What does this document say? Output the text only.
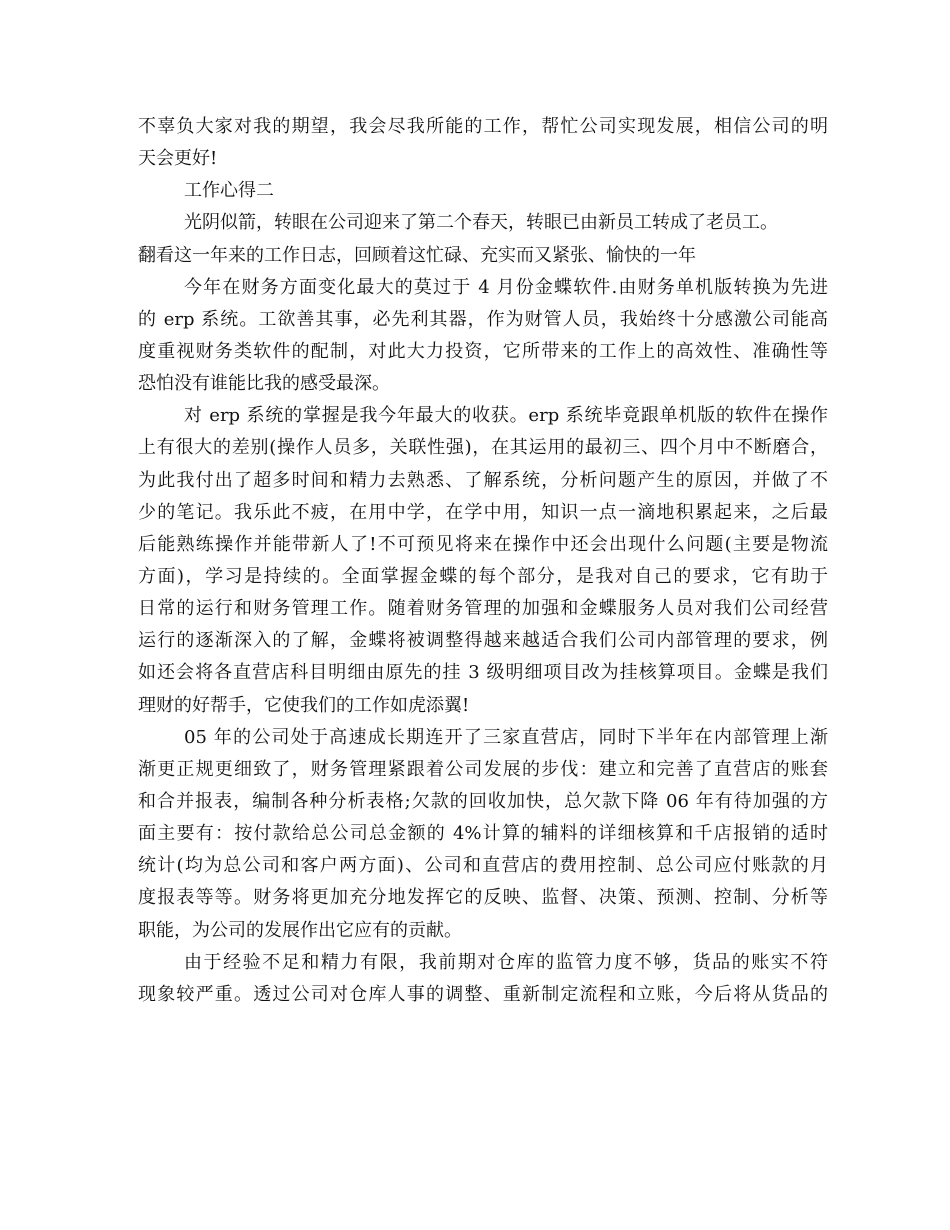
不辜负大家对我的期望，我会尽我所能的工作，帮忙公司实现发展，相信公司的明

天会更好!

工作心得二

光阴似箭，转眼在公司迎来了第二个春天，转眼已由新员工转成了老员工。

翻看这一年来的工作日志，回顾着这忙碌、充实而又紧张、愉快的一年

今年在财务方面变化最大的莫过于 4 月份金蝶软件.由财务单机版转换为先进

的 erp 系统。工欲善其事，必先利其器，作为财管人员，我始终十分感激公司能高

度重视财务类软件的配制，对此大力投资，它所带来的工作上的高效性、准确性等

恐怕没有谁能比我的感受最深。

对 erp 系统的掌握是我今年最大的收获。erp 系统毕竟跟单机版的软件在操作

上有很大的差别(操作人员多，关联性强)，在其运用的最初三、四个月中不断磨合，

为此我付出了超多时间和精力去熟悉、了解系统，分析问题产生的原因，并做了不

少的笔记。我乐此不疲，在用中学，在学中用，知识一点一滴地积累起来，之后最

后能熟练操作并能带新人了!不可预见将来在操作中还会出现什么问题(主要是物流

方面)，学习是持续的。全面掌握金蝶的每个部分，是我对自己的要求，它有助于

日常的运行和财务管理工作。随着财务管理的加强和金蝶服务人员对我们公司经营

运行的逐渐深入的了解，金蝶将被调整得越来越适合我们公司内部管理的要求，例

如还会将各直营店科目明细由原先的挂 3 级明细项目改为挂核算项目。金蝶是我们

理财的好帮手，它使我们的工作如虎添翼!

05 年的公司处于高速成长期连开了三家直营店，同时下半年在内部管理上渐

渐更正规更细致了，财务管理紧跟着公司发展的步伐：建立和完善了直营店的账套

和合并报表，编制各种分析表格;欠款的回收加快，总欠款下降 06 年有待加强的方

面主要有：按付款给总公司总金额的 4%计算的辅料的详细核算和千店报销的适时

统计(均为总公司和客户两方面)、公司和直营店的费用控制、总公司应付账款的月

度报表等等。财务将更加充分地发挥它的反映、监督、决策、预测、控制、分析等

职能，为公司的发展作出它应有的贡献。

由于经验不足和精力有限，我前期对仓库的监管力度不够，货品的账实不符

现象较严重。透过公司对仓库人事的调整、重新制定流程和立账，今后将从货品的
